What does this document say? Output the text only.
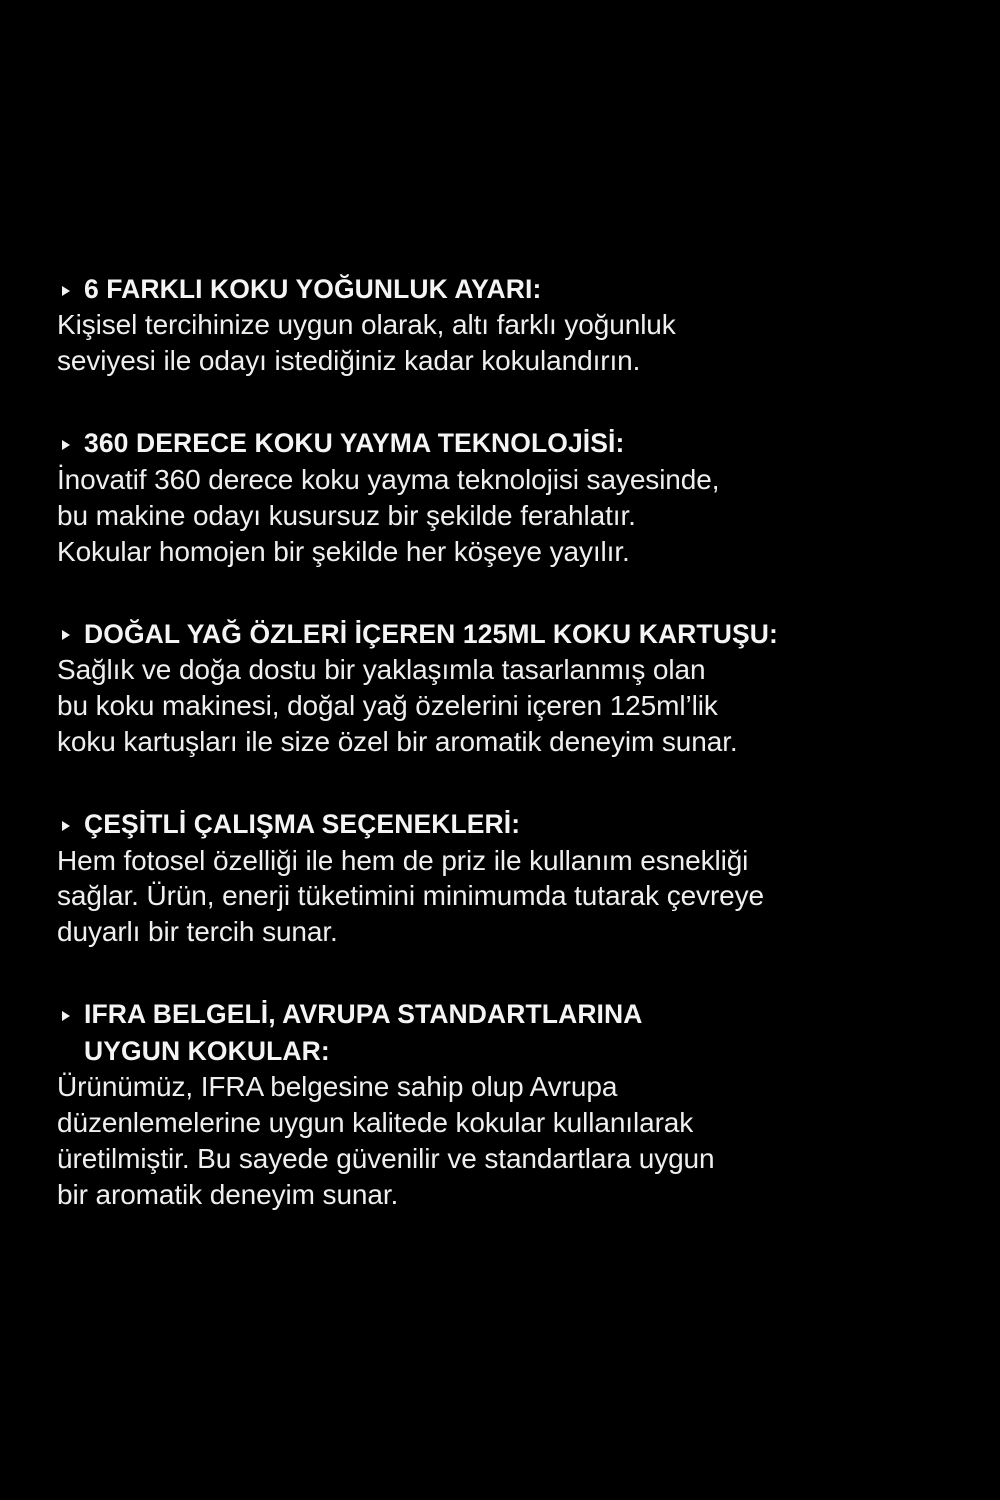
6 FARKLI KOKU YOĞUNLUK AYARI:

Kişisel tercihinize uygun olarak, altı farklı yoğunluk
seviyesi ile odayı istediğiniz kadar kokulandırın.

360 DERECE KOKU YAYMA TEKNOLOJİSİ:

İnovatif 360 derece koku yayma teknolojisi sayesinde,
bu makine odayı kusursuz bir şekilde ferahlatır.
Kokular homojen bir şekilde her köşeye yayılır.

DOĞAL YAĞ ÖZLERİ İÇEREN 125ML KOKU KARTUŞU:

Sağlık ve doğa dostu bir yaklaşımla tasarlanmış olan
bu koku makinesi, doğal yağ özelerini içeren 125ml’lik
koku kartuşları ile size özel bir aromatik deneyim sunar.

ÇEŞİTLİ ÇALIŞMA SEÇENEKLERİ:

Hem fotosel özelliği ile hem de priz ile kullanım esnekliği
sağlar. Ürün, enerji tüketimini minimumda tutarak çevreye
duyarlı bir tercih sunar.

IFRA BELGELİ, AVRUPA STANDARTLARINA
UYGUN KOKULAR:

Ürünümüz, IFRA belgesine sahip olup Avrupa
düzenlemelerine uygun kalitede kokular kullanılarak
üretilmiştir. Bu sayede güvenilir ve standartlara uygun
bir aromatik deneyim sunar.
